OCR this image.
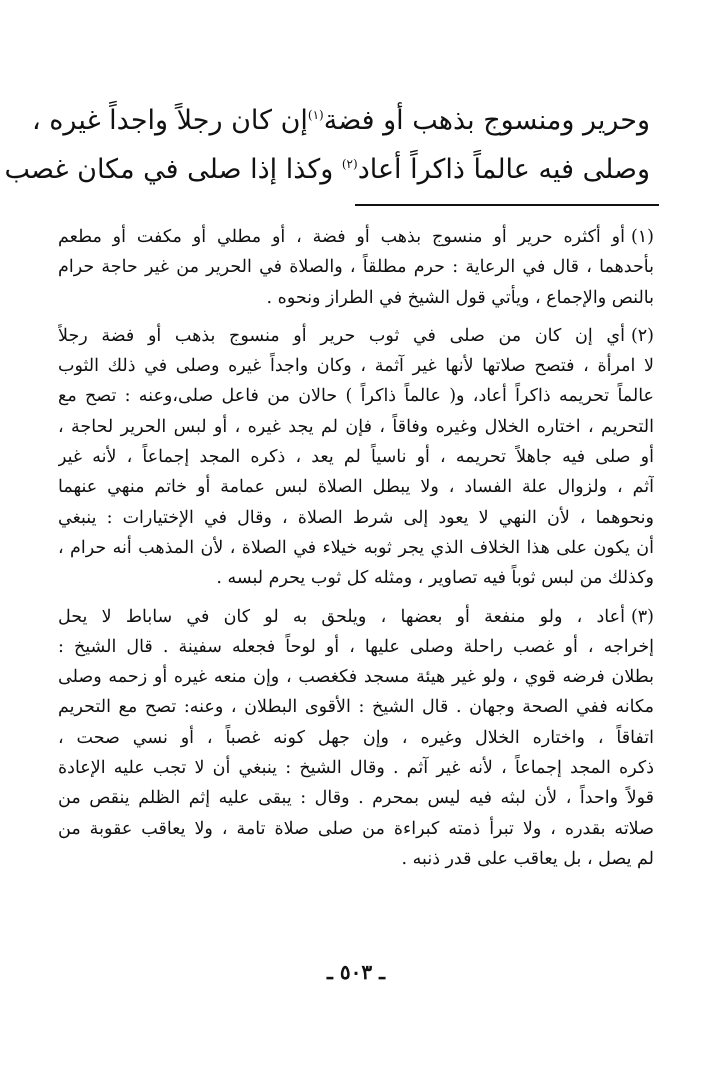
وحرير ومنسوج بذهب أو فضة$^{(١)}$إن كان رجلاً واجداً غيره ،
وصلى فيه عالماً ذاكراً أعاد$^{(٢)}$ وكذا إذا صلى في مكان غصب
(١)أو أكثره حرير أو منسوج بذهب أو فضة ، أو مطلي أو مكفت أو مطعم
بأحدهما ، قال في الرعاية : حرم مطلقاً ، والصلاة في الحرير من غير حاجة حرام
بالنص والإجماع ، ويأتي قول الشيخ في الطراز ونحوه .
(٢)أي إن كان من صلى في ثوب حرير أو منسوج بذهب أو فضة رجلاً
لا امرأة ، فتصح صلاتها لأنها غير آثمة ، وكان واجداً غيره وصلى في ذلك الثوب
عالماً تحريمه ذاكراً أعاد، و( عالماً ذاكراً ) حالان من فاعل صلى،وعنه : تصح مع
التحريم ، اختاره الخلال وغيره وفاقاً ، فإن لم يجد غيره ، أو لبس الحرير لحاجة ،
أو صلى فيه جاهلاً تحريمه ، أو ناسياً لم يعد ، ذكره المجد إجماعاً ، لأنه غير
آثم ، ولزوال علة الفساد ، ولا يبطل الصلاة لبس عمامة أو خاتم منهي عنهما
ونحوهما ، لأن النهي لا يعود إلى شرط الصلاة ، وقال في الإختيارات : ينبغي
أن يكون على هذا الخلاف الذي يجر ثوبه خيلاء في الصلاة ، لأن المذهب أنه حرام ،
وكذلك من لبس ثوباً فيه تصاوير ، ومثله كل ثوب يحرم لبسه .
(٣)أعاد ، ولو منفعة أو بعضها ، ويلحق به لو كان في ساباط لا يحل
إخراجه ، أو غصب راحلة وصلى عليها ، أو لوحاً فجعله سفينة . قال الشيخ :
بطلان فرضه قوي ، ولو غير هيئة مسجد فكغصب ، وإن منعه غيره أو زحمه وصلى
مكانه ففي الصحة وجهان . قال الشيخ : الأقوى البطلان ، وعنه: تصح مع التحريم
اتفاقاً ، واختاره الخلال وغيره ، وإن جهل كونه غصباً ، أو نسي صحت ،
ذكره المجد إجماعاً ، لأنه غير آثم . وقال الشيخ : ينبغي أن لا تجب عليه الإعادة
قولاً واحداً ، لأن لبثه فيه ليس بمحرم . وقال : يبقى عليه إثم الظلم ينقص من
صلاته بقدره ، ولا تبرأ ذمته كبراءة من صلى صلاة تامة ، ولا يعاقب عقوبة من
لم يصل ، بل يعاقب على قدر ذنبه .
ـ ٥٠٣ ـ
